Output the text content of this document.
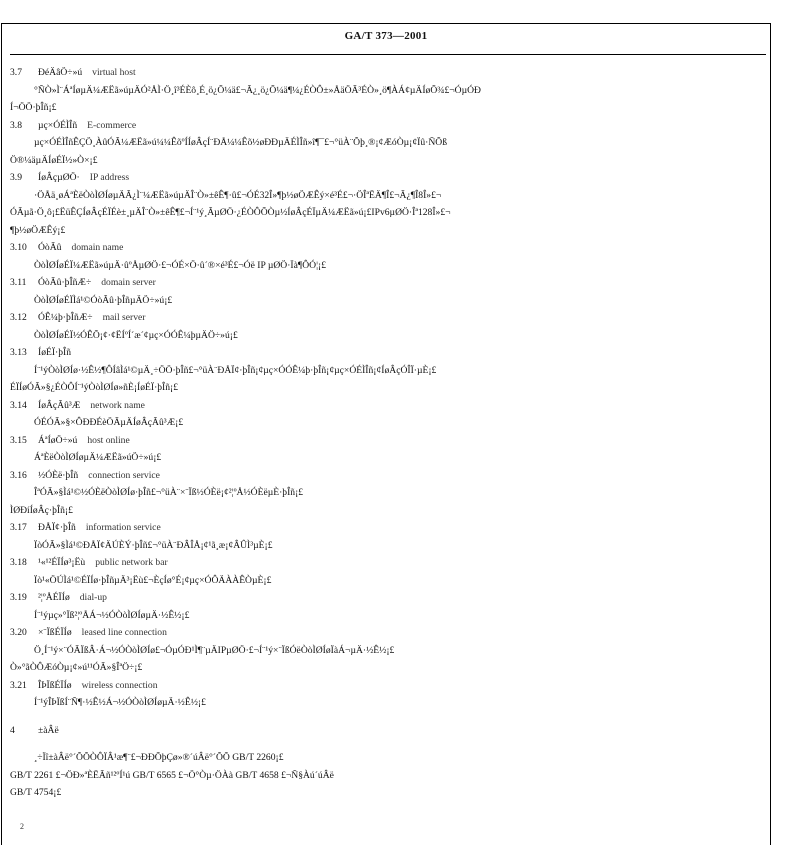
GA/T 373—2001
3.7 ÐéÄâÖ÷»ú virtual host
°ÑÒ»Ì¨ÁªÍøµÄ¼ÆËã»úµÄÓ²ÅÌ·Ö¸î³ÉÈô¸É¸ö¿Õ¼ä£¬Ã¿¸ö¿Õ¼ä¶¼¿ÉÒÔ±»ÅäÖÃ³ÉÒ»¸ö¶ÀÁ¢µÄÍøÕ¾£¬ÓµÓÐ
Í¬ÖÖ·þÎñ¡£
3.8 µç×ÓÉÌÎñ E-commerce
µç×ÓÉÌÎñÊÇÖ¸ÀûÓÃ¼ÆËã»ú¼¼ÊõºÍÍøÂçÍ¨ÐÅ¼¼Êõ½øÐÐµÄÉÌÎñ»î¶¯£¬°üÀ¨Õþ¸®¡¢ÆóÒµ¡¢Ïû·ÑÕß
Ö®¼äµÄÍøÉÏ½»Ò×¡£
3.9 ÍøÂçµØÖ· IP address
·ÖÅä¸øÁªÈëÒòÌØÍøµÄÃ¿Ì¨¼ÆËã»úµÄÎ¨Ò»±êÊ¶·û£¬ÓÉ32Î»¶þ½øÖÆÊý×é³É£¬·ÖÎªËÄ¶Î£¬Ã¿¶Î8Î»£¬
ÓÃµã·Ö¸ô¡£ËüÊÇÍøÂçÉÏÉè±¸µÄÎ¨Ò»±êÊ¶£¬Í¨¹ý¸ÃµØÖ·¿ÉÒÔÕÒµ½ÍøÂçÉÏµÄ¼ÆËã»ú¡£IPv6µØÖ·Îª128Î»£¬
¶þ½øÖÆÊý¡£
3.10 ÓòÃû domain name
ÒòÌØÍøÉÏ¼ÆËã»úµÄ·ûºÅµØÖ·£¬ÓÉ×Ö·û´®×é³É£¬Óë IP µØÖ·Ïà¶ÔÓ¦¡£
3.11 ÓòÃû·þÎñÆ÷ domain server
ÒòÌØÍøÉÏÌá¹©ÓòÃû·þÎñµÄÖ÷»ú¡£
3.12 ÓÊ¼þ·þÎñÆ÷ mail server
ÒòÌØÍøÉÏ½ÓÊÕ¡¢·¢ËÍºÍ´æ´¢µç×ÓÓÊ¼þµÄÖ÷»ú¡£
3.13 ÍøÉÏ·þÎñ
Í¨¹ýÒòÌØÍø·½Ê½¶ÔÍâÌá¹©µÄ¸÷ÖÖ·þÎñ£¬°üÀ¨ÐÅÏ¢·þÎñ¡¢µç×ÓÓÊ¼þ·þÎñ¡¢µç×ÓÉÌÎñ¡¢ÍøÂçÓÎÏ·µÈ¡£
ÉÏÍøÓÃ»§¿ÉÒÔÍ¨¹ýÒòÌØÍø»ñÈ¡ÍøÉÏ·þÎñ¡£
3.14 ÍøÂçÃû³Æ network name
ÓÉÓÃ»§×ÔÐÐÉèÖÃµÄÍøÂçÃû³Æ¡£
3.15 ÁªÍøÖ÷»ú host online
ÁªÈëÒòÌØÍøµÄ¼ÆËã»úÖ÷»ú¡£
3.16 ½ÓÈë·þÎñ connection service
ÎªÓÃ»§Ìá¹©½ÓÈëÒòÌØÍø·þÎñ£¬°üÀ¨×¨Ïß½ÓÈë¡¢²¦ºÅ½ÓÈëµÈ·þÎñ¡£
ÌØÐíÍøÂç·þÎñ¡£
3.17 ÐÅÏ¢·þÎñ information service
ÏòÓÃ»§Ìá¹©ÐÅÏ¢ÄÚÈÝ·þÎñ£¬°üÀ¨ÐÂÎÅ¡¢¹ã¸æ¡¢ÂÛÌ³µÈ¡£
3.18 ¹«¹²ÉÏÍø³¡Ëù public network bar
Ïò¹«ÖÚÌá¹©ÉÏÍø·þÎñµÄ³¡Ëù£¬ÈçÍø°É¡¢µç×ÓÔÄÀÀÊÒµÈ¡£
3.19 ²¦ºÅÉÏÍø dial-up
Í¨¹ýµç»°Ïß²¦ºÅÁ¬½ÓÒòÌØÍøµÄ·½Ê½¡£
3.20 ×¨ÏßÉÏÍø leased line connection
Ö¸Í¨¹ý×¨ÓÃÏßÂ·Á¬½ÓÒòÌØÍø£¬ÓµÓÐ¹Ì¶¨µÄIPµØÖ·£¬Í¨¹ý×¨ÏßÓëÒòÌØÍøÏàÁ¬µÄ·½Ê½¡£
Ò»°ãÒÔÆóÒµ¡¢»ú¹¹ÓÃ»§ÎªÖ÷¡£
3.21 ÎÞÏßÉÏÍø wireless connection
Í¨¹ýÎÞÏßÍ¨Ñ¶·½Ê½Á¬½ÓÒòÌØÍøµÄ·½Ê½¡£
4 ±àÂë
¸÷Ïî±àÂë°´ÕÕÒÔÏÂ¹æ¶¨£¬ÐÐÕþÇø»®´úÂë°´ÕÕ GB/T 2260¡£
GB/T 2261 £¬ÖÐ»ªÈËÃñ¹²ºÍ¹ú GB/T 6565 £¬Ö°Òµ·ÖÀà GB/T 4658 £¬Ñ§Àú´úÂë
GB/T 4754¡£
2
